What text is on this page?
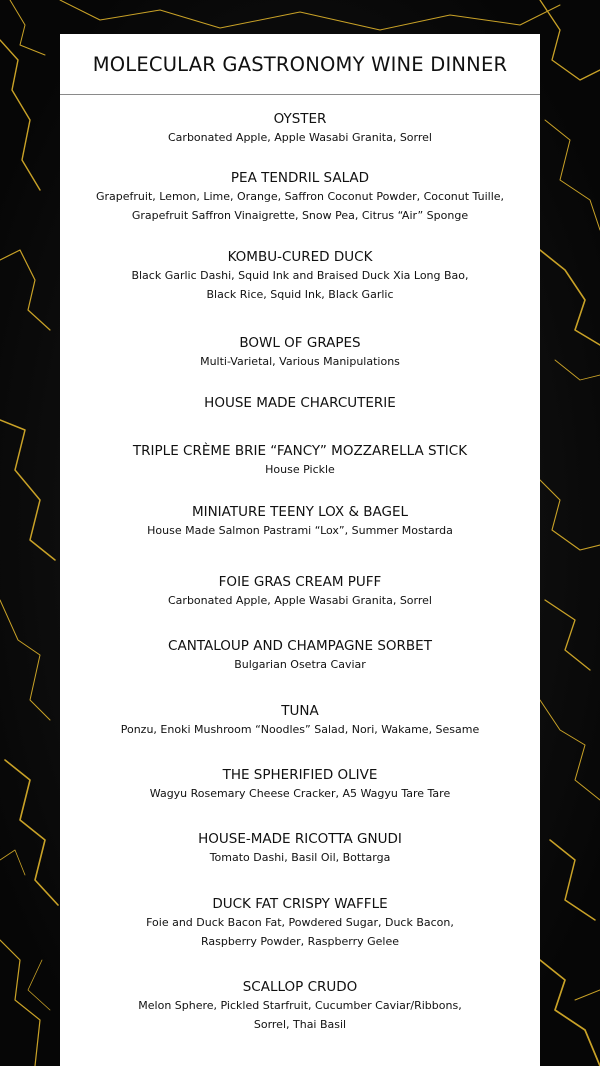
MOLECULAR GASTRONOMY WINE DINNER
OYSTER
Carbonated Apple, Apple Wasabi Granita, Sorrel
PEA TENDRIL SALAD
Grapefruit, Lemon, Lime, Orange, Saffron Coconut Powder, Coconut Tuille,
Grapefruit Saffron Vinaigrette, Snow Pea, Citrus “Air” Sponge
KOMBU-CURED DUCK
Black Garlic Dashi, Squid Ink and Braised Duck Xia Long Bao,
Black Rice, Squid Ink, Black Garlic
BOWL OF GRAPES
Multi-Varietal, Various Manipulations
HOUSE MADE CHARCUTERIE
TRIPLE CRÈME BRIE “FANCY” MOZZARELLA STICK
House Pickle
MINIATURE TEENY LOX & BAGEL
House Made Salmon Pastrami “Lox”, Summer Mostarda
FOIE GRAS CREAM PUFF
Carbonated Apple, Apple Wasabi Granita, Sorrel
CANTALOUP AND CHAMPAGNE SORBET
Bulgarian Osetra Caviar
TUNA
Ponzu, Enoki Mushroom “Noodles” Salad, Nori, Wakame, Sesame
THE SPHERIFIED OLIVE
Wagyu Rosemary Cheese Cracker, A5 Wagyu Tare Tare
HOUSE-MADE RICOTTA GNUDI
Tomato Dashi, Basil Oil, Bottarga
DUCK FAT CRISPY WAFFLE
Foie and Duck Bacon Fat, Powdered Sugar, Duck Bacon,
Raspberry Powder, Raspberry Gelee
SCALLOP CRUDO
Melon Sphere, Pickled Starfruit, Cucumber Caviar/Ribbons,
Sorrel, Thai Basil
